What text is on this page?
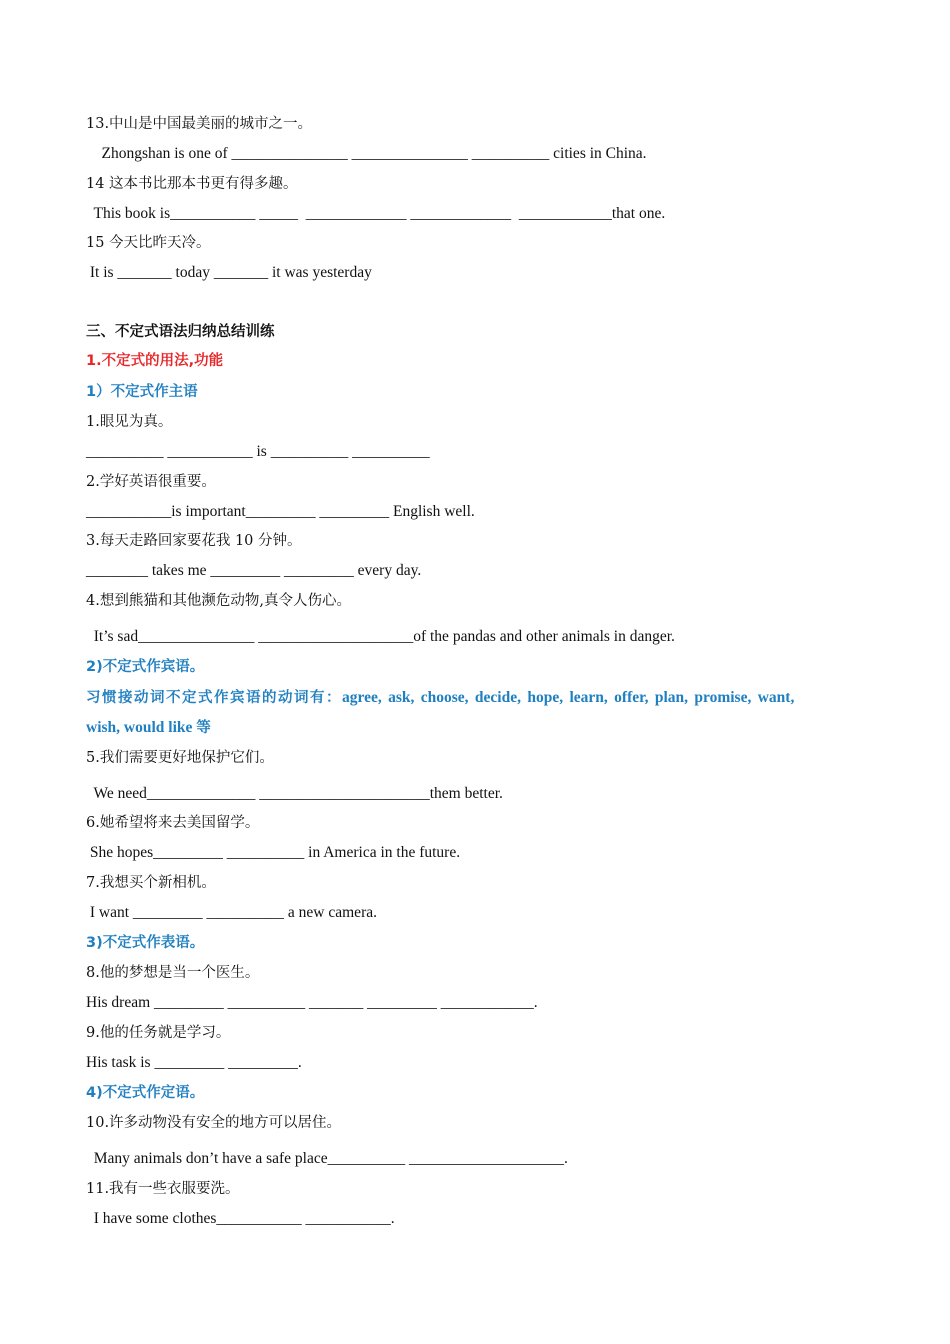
13.中山是中国最美丽的城市之一。
Zhongshan is one of _______________ _______________ __________ cities in China.
14 这本书比那本书更有得多趣。
This book is___________ _____  _____________ _____________  ____________that one.
15 今天比昨天冷。
It is _______ today _______ it was yesterday
三、不定式语法归纳总结训练
1.不定式的用法,功能
1）不定式作主语
1.眼见为真。
__________ ___________ is __________ __________
2.学好英语很重要。
___________is important_________ _________ English well.
3.每天走路回家要花我 10 分钟。
________ takes me _________ _________ every day.
4.想到熊猫和其他濒危动物,真令人伤心。
It’s sad_______________ ____________________of the pandas and other animals in danger.
2)不定式作宾语。
习惯接动词不定式作宾语的动词有：agree, ask, choose, decide, hope, learn, offer, plan, promise, want,
wish, would like 等
5.我们需要更好地保护它们。
We need______________ ______________________them better.
6.她希望将来去美国留学。
She hopes_________ __________ in America in the future.
7.我想买个新相机。
I want _________ __________ a new camera.
3)不定式作表语。
8.他的梦想是当一个医生。
His dream _________ __________ _______ _________ ____________.
9.他的任务就是学习。
His task is _________ _________.
4)不定式作定语。
10.许多动物没有安全的地方可以居住。
Many animals don’t have a safe place__________ ____________________.
11.我有一些衣服要洗。
I have some clothes___________ ___________.
